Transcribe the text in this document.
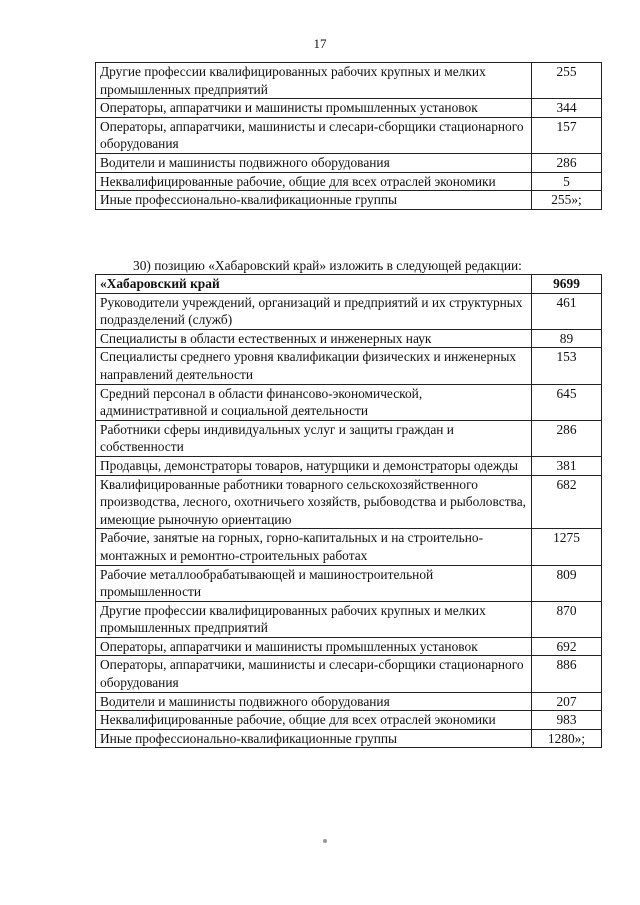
17
Другие профессии квалифицированных рабочих крупных и мелких промышленных предприятий	255
Операторы, аппаратчики и машинисты промышленных установок	344
Операторы, аппаратчики, машинисты и слесари-сборщики стационарного оборудования	157
Водители и машинисты подвижного оборудования	286
Неквалифицированные рабочие, общие для всех отраслей экономики	5
Иные профессионально-квалификационные группы	255»;
30) позицию «Хабаровский край» изложить в следующей редакции:
«Хабаровский край	9699
Руководители учреждений, организаций и предприятий и их структурных подразделений (служб)	461
Специалисты в области естественных и инженерных наук	89
Специалисты среднего уровня квалификации физических и инженерных направлений деятельности	153
Средний персонал в области финансово-экономической, административной и социальной деятельности	645
Работники сферы индивидуальных услуг и защиты граждан и собственности	286
Продавцы, демонстраторы товаров, натурщики и демонстраторы одежды	381
Квалифицированные работники товарного сельскохозяйственного производства, лесного, охотничьего хозяйств, рыбоводства и рыболовства, имеющие рыночную ориентацию	682
Рабочие, занятые на горных, горно-капитальных и на строительно-монтажных и ремонтно-строительных работах	1275
Рабочие металлообрабатывающей и машиностроительной промышленности	809
Другие профессии квалифицированных рабочих крупных и мелких промышленных предприятий	870
Операторы, аппаратчики и машинисты промышленных установок	692
Операторы, аппаратчики, машинисты и слесари-сборщики стационарного оборудования	886
Водители и машинисты подвижного оборудования	207
Неквалифицированные рабочие, общие для всех отраслей экономики	983
Иные профессионально-квалификационные группы	1280»;
